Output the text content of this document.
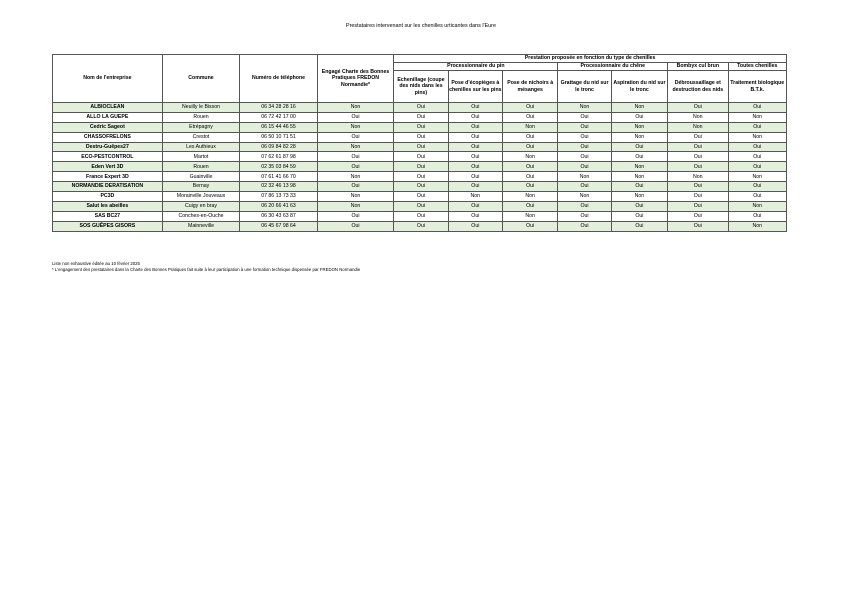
Prestataires intervenant sur les chenilles urticantes dans l'Eure
Nom de l'entreprise	Commune	Numéro de téléphone	Engagé Charte des Bonnes Pratiques FREDON Normandie*	Prestation proposée en fonction du type de chenilles						
				Processionnaire du pin			Processionnaire du chêne		Bombyx cul brun	Toutes chenilles
				Echenillage (coupe des nids dans les pins)	Pose d'écopièges à chenilles sur les pins	Pose de nichoirs à mésanges	Grattage du nid sur le tronc	Aspiration du nid sur le tronc	Débroussaillage et destruction des nids	Traitement biologique B.T.k.
ALBIOCLEAN	Neuilly le Bisson	06 34 28 28 16	Non	Oui	Oui	Oui	Non	Non	Oui	Oui
ALLO LA GUEPE	Rouen	06 72 42 17 00	Oui	Oui	Oui	Oui	Oui	Oui	Non	Non
Cedric Sageot	Etrépagny	06 15 44 46 55	Non	Oui	Oui	Non	Oui	Non	Non	Oui
CHASSOFRELONS	Crestot	06 50 10 71 51	Oui	Oui	Oui	Oui	Oui	Non	Oui	Non
Destru-Guêpes27	Les Authieux	06 09 84 82 28	Non	Oui	Oui	Oui	Oui	Oui	Oui	Oui
ECO-PESTCONTROL	Martot	07 62 61 87 98	Oui	Oui	Oui	Non	Oui	Oui	Oui	Oui
Eden Vert 3D	Rouen	02 35 03 84 59	Oui	Oui	Oui	Oui	Oui	Non	Oui	Oui
France Expert 3D	Guainville	07 61 41 66 70	Non	Oui	Oui	Oui	Non	Non	Non	Non
NORMANDIE DERATISATION	Bernay	02 32 46 13 98	Oui	Oui	Oui	Oui	Oui	Oui	Oui	Oui
PC3D	Morainville Jouveaux	07 86 13 73 33	Non	Oui	Non	Non	Non	Non	Oui	Oui
Salut les abeilles	Cuigy en bray	06 20 66 41 63	Non	Oui	Oui	Oui	Oui	Oui	Oui	Non
SAS BC27	Conches-en-Ouche	06 30 43 63 87	Oui	Oui	Oui	Non	Oui	Oui	Oui	Oui
SOS GUÊPES GISORS	Mainneville	06 45 67 98 64	Oui	Oui	Oui	Oui	Oui	Oui	Oui	Non
Liste non exhaustive éditée au 10 février 2025
* L'engagement des prestataires dans la Charte des Bonnes Pratiques fait suite à leur participation à une formation technique dispensée par FREDON Normandie
